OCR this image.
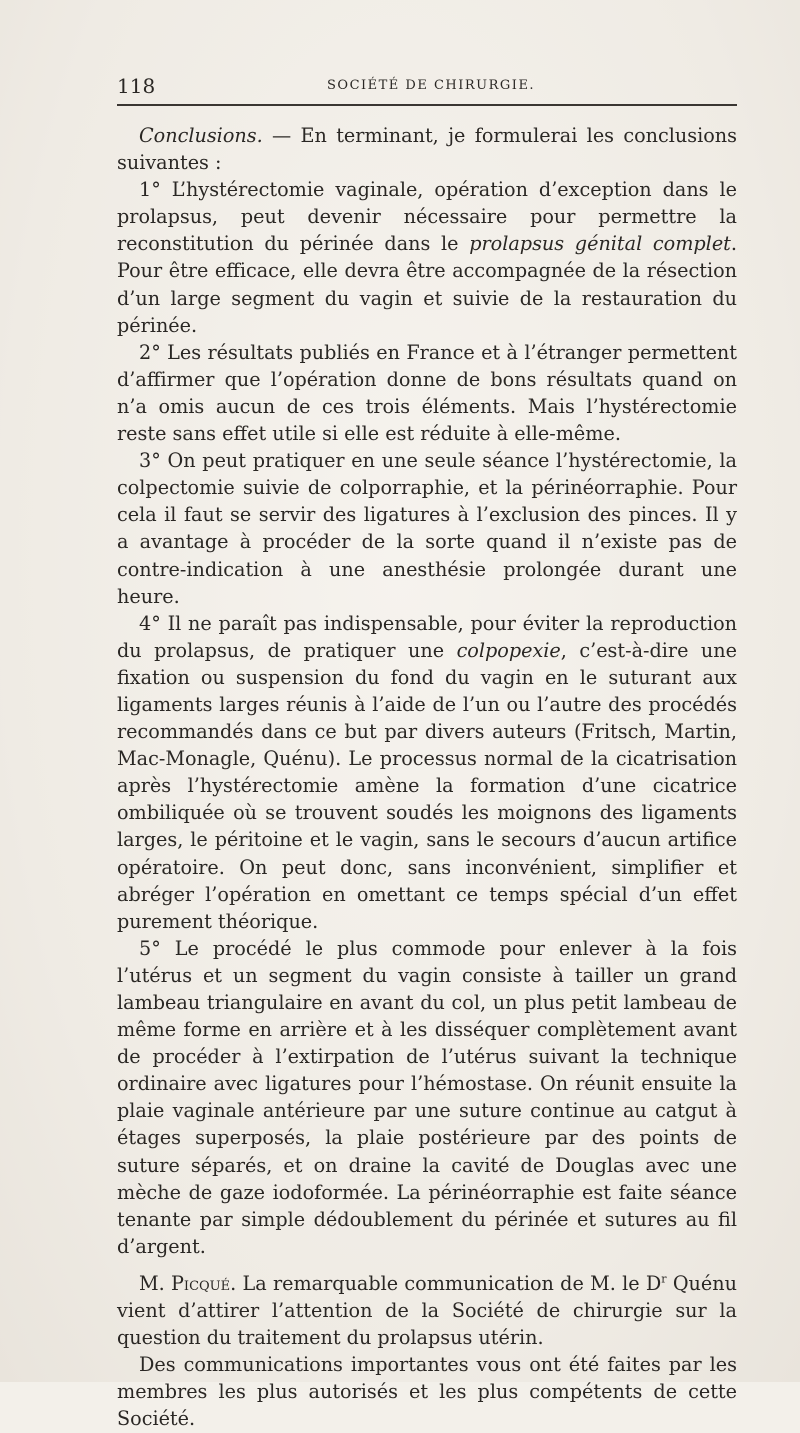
118	SOCIÉTÉ DE CHIRURGIE.

Conclusions. — En terminant, je formulerai les conclusions suivantes :

1° L’hystérectomie vaginale, opération d’exception dans le prolapsus, peut devenir nécessaire pour permettre la reconstitution du périnée dans le prolapsus génital complet. Pour être efficace, elle devra être accompagnée de la résection d’un large segment du vagin et suivie de la restauration du périnée.

2° Les résultats publiés en France et à l’étranger permettent d’affirmer que l’opération donne de bons résultats quand on n’a omis aucun de ces trois éléments. Mais l’hystérectomie reste sans effet utile si elle est réduite à elle-même.

3° On peut pratiquer en une seule séance l’hystérectomie, la colpectomie suivie de colporraphie, et la périnéorraphie. Pour cela il faut se servir des ligatures à l’exclusion des pinces. Il y a avantage à procéder de la sorte quand il n’existe pas de contre-indication à une anesthésie prolongée durant une heure.

4° Il ne paraît pas indispensable, pour éviter la reproduction du prolapsus, de pratiquer une colpopexie, c’est-à-dire une fixation ou suspension du fond du vagin en le suturant aux ligaments larges réunis à l’aide de l’un ou l’autre des procédés recommandés dans ce but par divers auteurs (Fritsch, Martin, Mac-Monagle, Quénu). Le processus normal de la cicatrisation après l’hystérectomie amène la formation d’une cicatrice ombiliquée où se trouvent soudés les moignons des ligaments larges, le péritoine et le vagin, sans le secours d’aucun artifice opératoire. On peut donc, sans inconvénient, simplifier et abréger l’opération en omettant ce temps spécial d’un effet purement théorique.

5° Le procédé le plus commode pour enlever à la fois l’utérus et un segment du vagin consiste à tailler un grand lambeau triangulaire en avant du col, un plus petit lambeau de même forme en arrière et à les disséquer complètement avant de procéder à l’extirpation de l’utérus suivant la technique ordinaire avec ligatures pour l’hémostase. On réunit ensuite la plaie vaginale antérieure par une suture continue au catgut à étages superposés, la plaie postérieure par des points de suture séparés, et on draine la cavité de Douglas avec une mèche de gaze iodoformée. La périnéorraphie est faite séance tenante par simple dédoublement du périnée et sutures au fil d’argent.

M. Picqué. La remarquable communication de M. le $D^r$ Quénu vient d’attirer l’attention de la Société de chirurgie sur la question du traitement du prolapsus utérin.

Des communications importantes vous ont été faites par les membres les plus autorisés et les plus compétents de cette Société.
